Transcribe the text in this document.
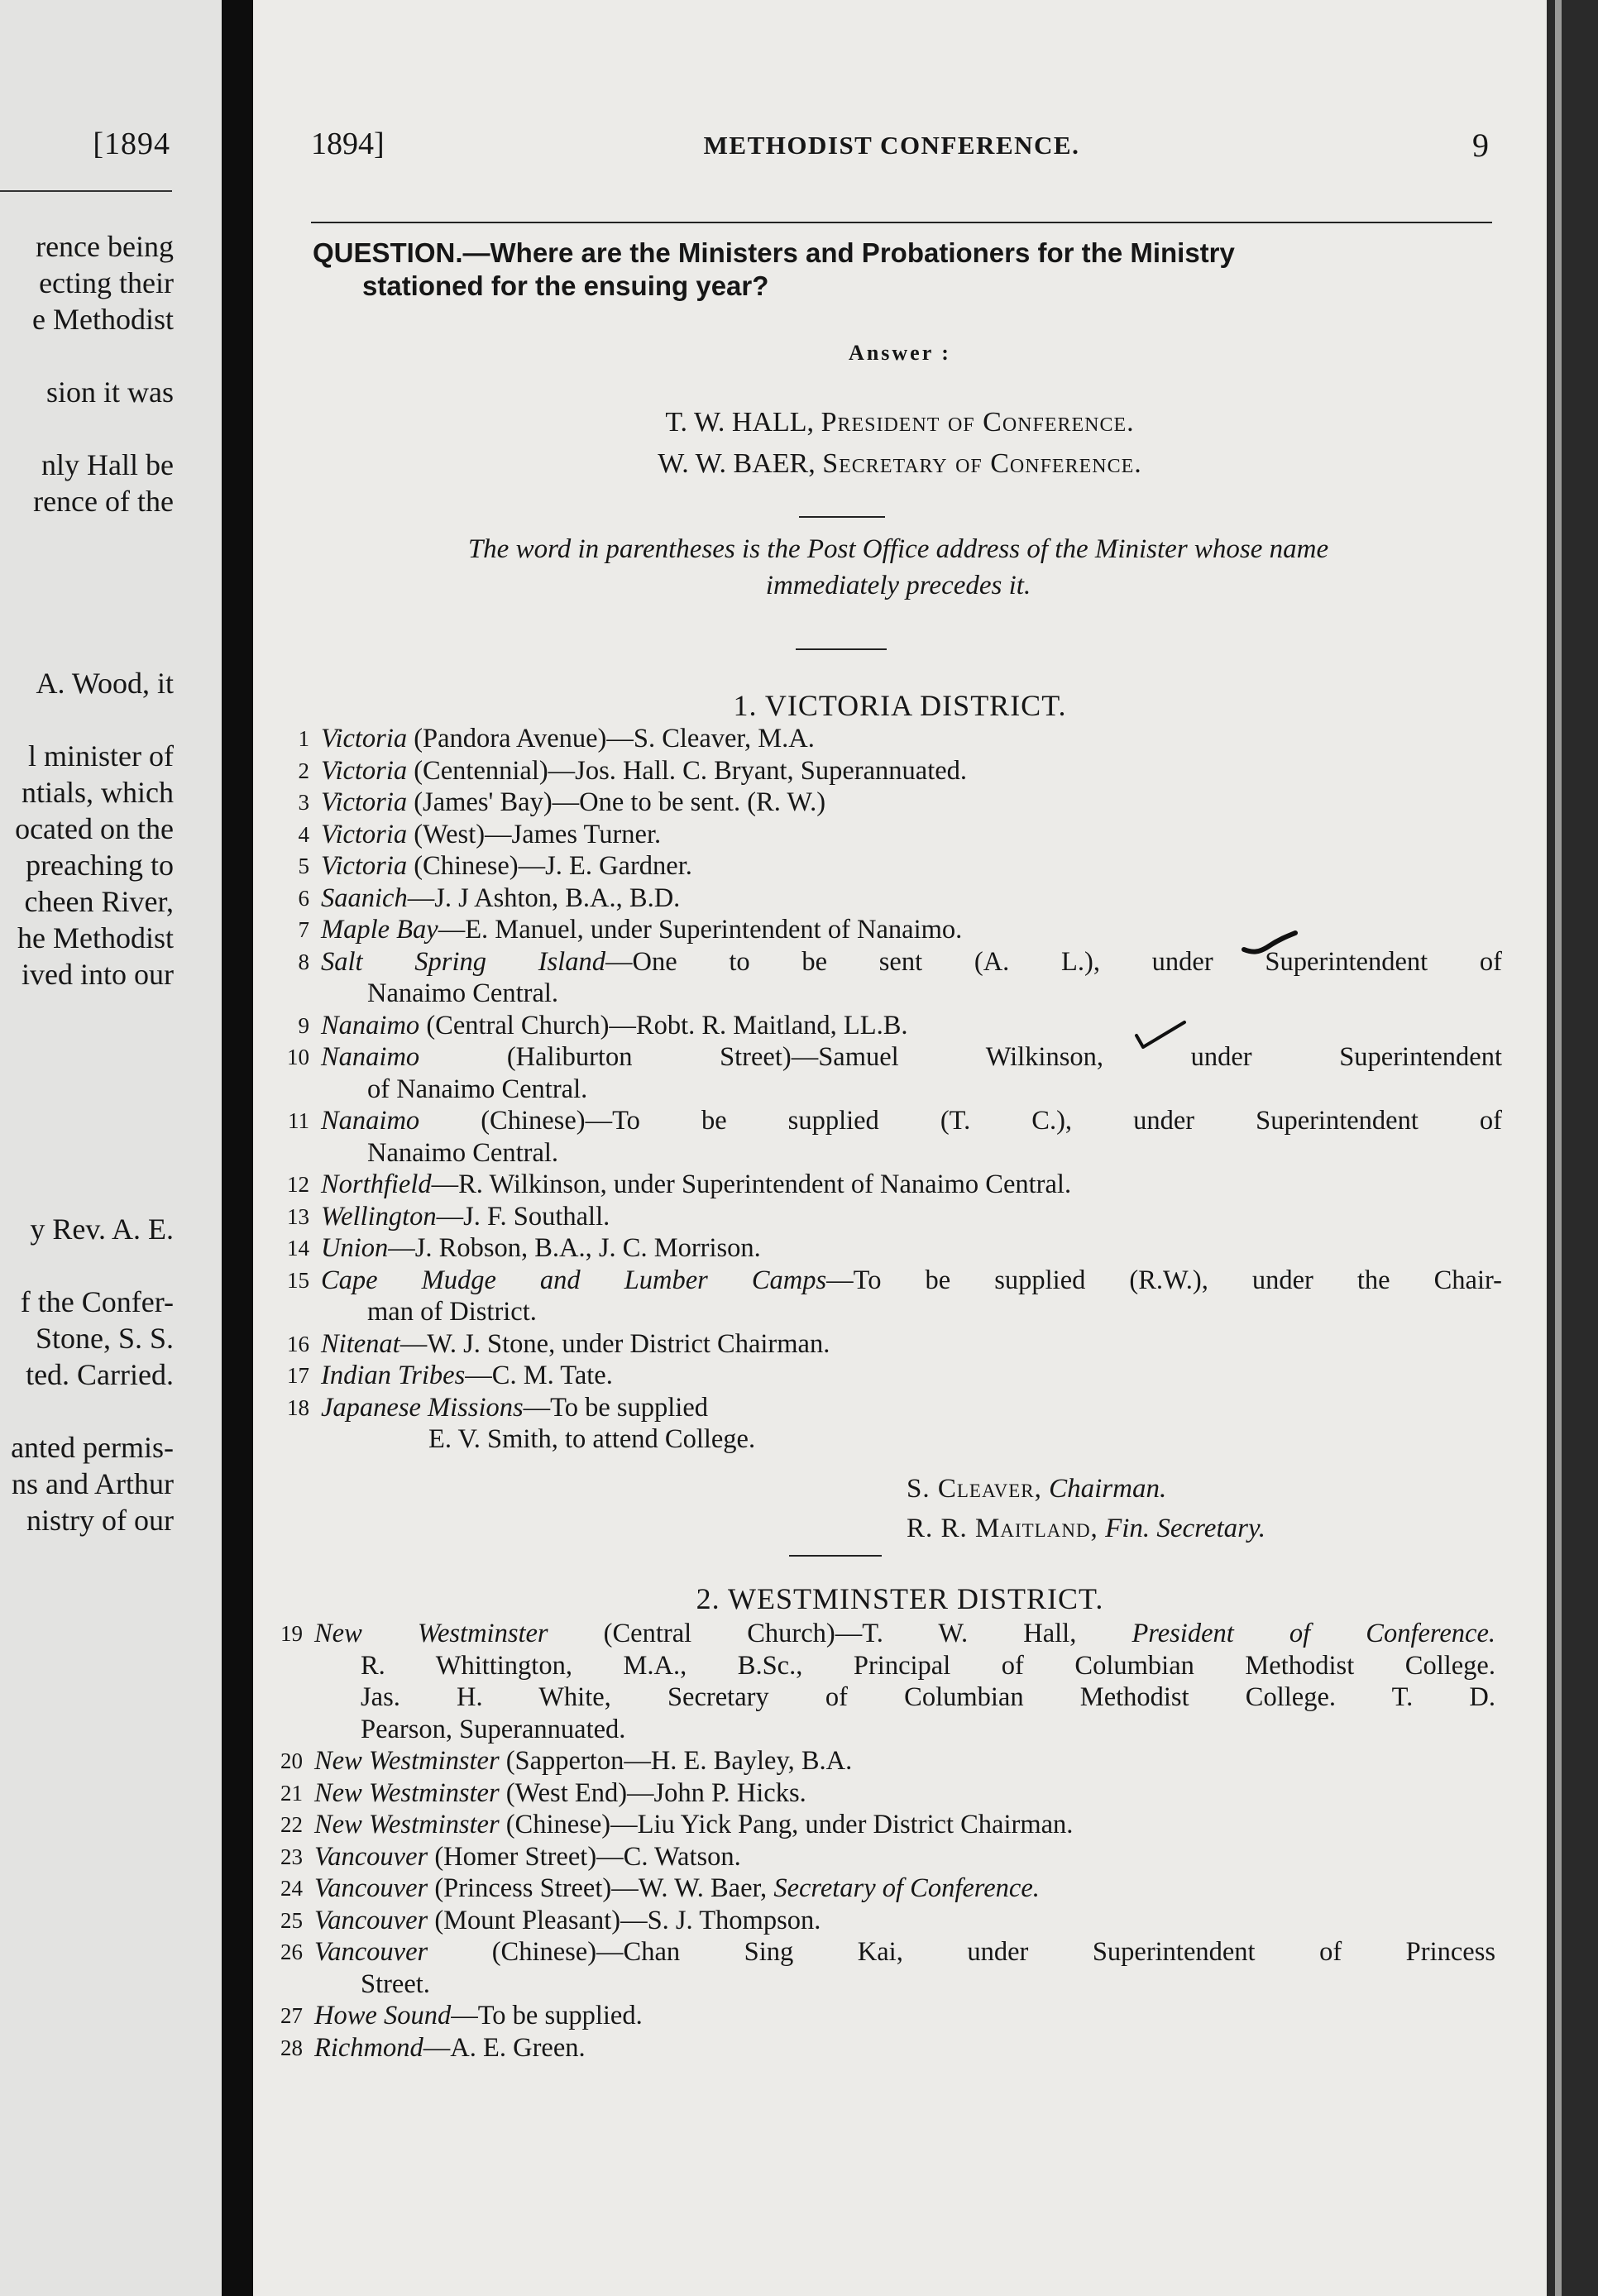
[1894
rence being
ecting their
e Methodist
sion it was
nly Hall be
rence of the
A. Wood, it
l minister of
ntials, which
ocated on the
preaching to
cheen River,
he Methodist
ived into our
y Rev. A. E.
f the Confer-
Stone, S. S.
ted. Carried.
anted permis-
ns and Arthur
nistry of our
1894]	METHODIST CONFERENCE.	9
QUESTION.—Where are the Ministers and Probationers for the Ministry
stationed for the ensuing year?
Answer :
T. W. HALL, President of Conference.
W. W. BAER, Secretary of Conference.
The word in parentheses is the Post Office address of the Minister whose name
immediately precedes it.
1. VICTORIA DISTRICT.
1 Victoria (Pandora Avenue)—S. Cleaver, M.A.
2 Victoria (Centennial)—Jos. Hall. C. Bryant, Superannuated.
3 Victoria (James' Bay)—One to be sent. (R. W.)
4 Victoria (West)—James Turner.
5 Victoria (Chinese)—J. E. Gardner.
6 Saanich—J. J Ashton, B.A., B.D.
7 Maple Bay—E. Manuel, under Superintendent of Nanaimo.
8 Salt Spring Island—One to be sent (A. L.), under Superintendent of
Nanaimo Central.
9 Nanaimo (Central Church)—Robt. R. Maitland, LL.B.
10 Nanaimo (Haliburton Street)—Samuel Wilkinson, under Superintendent
of Nanaimo Central.
11 Nanaimo (Chinese)—To be supplied (T. C.), under Superintendent of
Nanaimo Central.
12 Northfield—R. Wilkinson, under Superintendent of Nanaimo Central.
13 Wellington—J. F. Southall.
14 Union—J. Robson, B.A., J. C. Morrison.
15 Cape Mudge and Lumber Camps—To be supplied (R.W.), under the Chair-
man of District.
16 Nitenat—W. J. Stone, under District Chairman.
17 Indian Tribes—C. M. Tate.
18 Japanese Missions—To be supplied
E. V. Smith, to attend College.
S. Cleaver, Chairman.
R. R. Maitland, Fin. Secretary.
2. WESTMINSTER DISTRICT.
19 New Westminster (Central Church)—T. W. Hall, President of Conference.
R. Whittington, M.A., B.Sc., Principal of Columbian Methodist College.
Jas. H. White, Secretary of Columbian Methodist College. T. D.
Pearson, Superannuated.
20 New Westminster (Sapperton—H. E. Bayley, B.A.
21 New Westminster (West End)—John P. Hicks.
22 New Westminster (Chinese)—Liu Yick Pang, under District Chairman.
23 Vancouver (Homer Street)—C. Watson.
24 Vancouver (Princess Street)—W. W. Baer, Secretary of Conference.
25 Vancouver (Mount Pleasant)—S. J. Thompson.
26 Vancouver (Chinese)—Chan Sing Kai, under Superintendent of Princess
Street.
27 Howe Sound—To be supplied.
28 Richmond—A. E. Green.
